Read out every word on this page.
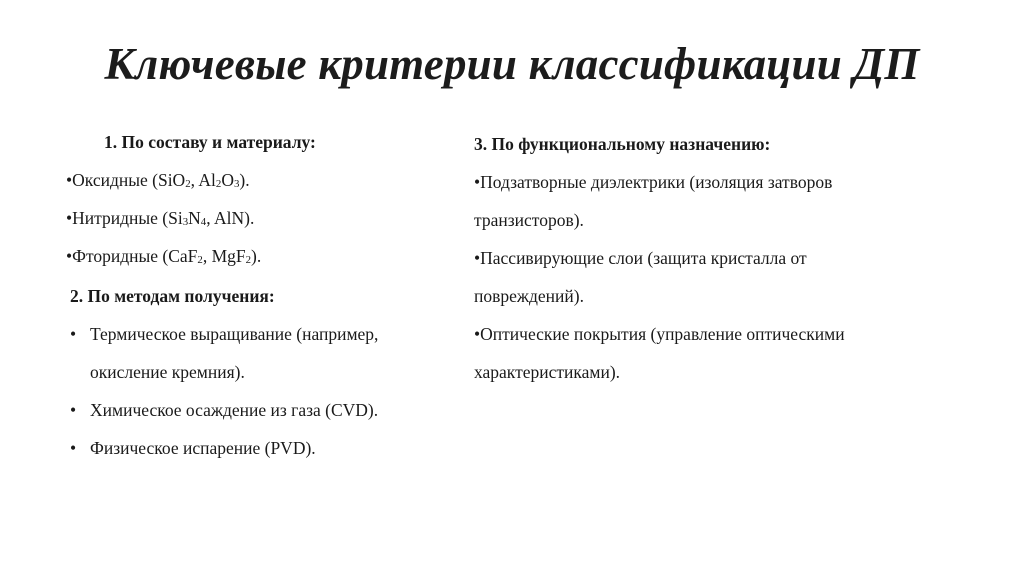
Ключевые критерии классификации ДП
1. По составу и материалу:
•Оксидные (SiO$_2$, $Al_2O_3$).
•Нитридные ($Si_3N_4$, AlN).
•Фторидные (CaF$_2$, MgF$_2$).
2. По методам получения:
• Термическое выращивание (например,
окисление кремния).
• Химическое осаждение из газа (CVD).
• Физическое испарение (PVD).
3. По функциональному назначению:
•Подзатворные диэлектрики (изоляция затворов
транзисторов).
•Пассивирующие слои (защита кристалла от
повреждений).
•Оптические покрытия (управление оптическими
характеристиками).
